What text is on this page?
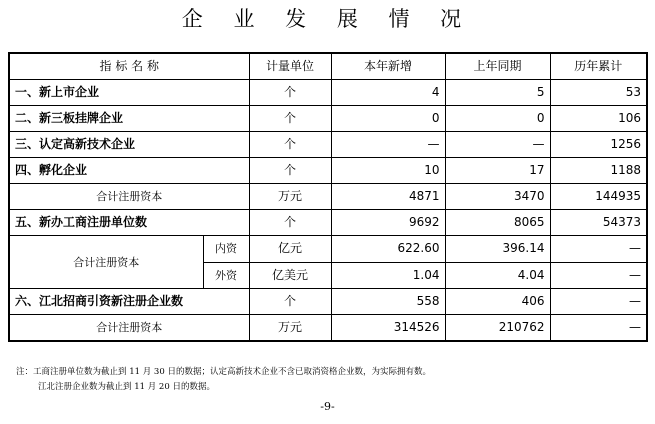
企 业 发 展 情 况
指 标 名 称		计量单位	本年新增	上年同期	历年累计
一、新上市企业		个	4	5	53
二、新三板挂牌企业		个	0	0	106
三、认定高新技术企业		个	—	—	1256
四、孵化企业		个	10	17	1188
合计注册资本		万元	4871	3470	144935
五、新办工商注册单位数		个	9692	8065	54373
合计注册资本	内资	亿元	622.60	396.14	—
	外资	亿美元	1.04	4.04	—
六、江北招商引资新注册企业数		个	558	406	—
合计注册资本		万元	314526	210762	—
注：工商注册单位数为截止到 11 月 30 日的数据；认定高新技术企业不含已取消资格企业数，为实际拥有数。
江北注册企业数为截止到 11 月 20 日的数据。
-9-
